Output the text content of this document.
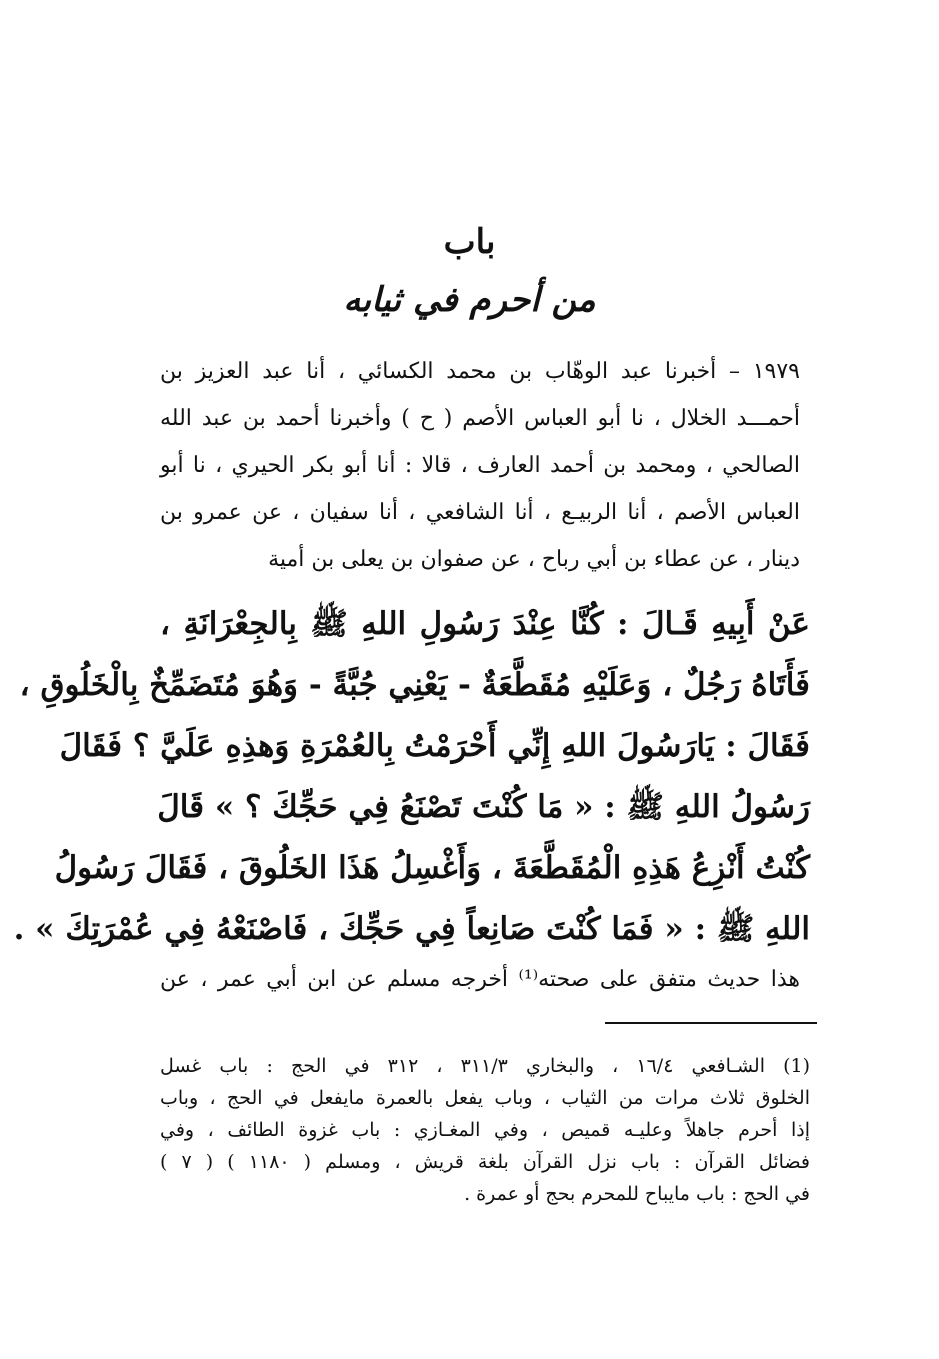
باب
من أحرم في ثيابه
١٩٧٩ – أخبرنا عبد الوهّاب بن محمد الكسائي ، أنا عبد العزيز بن
أحمـــد الخلال ، نا أبو العباس الأصم ( ح ) وأخبرنا أحمد بن عبد الله
الصالحي ، ومحمد بن أحمد العارف ، قالا : أنا أبو بكر الحيري ، نا أبو
العباس الأصم ، أنا الربيـع ، أنا الشافعي ، أنا سفيان ، عن عمرو بن
دينار ، عن عطاء بن أبي رباح ، عن صفوان بن يعلى بن أمية
عَنْ أَبِيهِ قَـالَ : كُنَّا عِنْدَ رَسُولِ اللهِ ﷺ بِالجِعْرَانَةِ ،
فَأَتَاهُ رَجُلٌ ، وَعَلَيْهِ مُقَطَّعَةٌ - يَعْنِي جُبَّةً - وَهُوَ مُتَضَمِّخٌ بِالْخَلُوقِ ،
فَقَالَ : يَارَسُولَ اللهِ إِنِّي أَحْرَمْتُ بِالعُمْرَةِ وَهذِهِ عَلَيَّ ؟ فَقَالَ
رَسُولُ اللهِ ﷺ : « مَا كُنْتَ تَصْنَعُ فِي حَجِّكَ ؟ » قَالَ
كُنْتُ أَنْزِعُ هَذِهِ الْمُقَطَّعَةَ ، وَأَغْسِلُ هَذَا الخَلُوقَ ، فَقَالَ رَسُولُ
اللهِ ﷺ : « فَمَا كُنْتَ صَانِعاً فِي حَجِّكَ ، فَاصْنَعْهُ فِي عُمْرَتِكَ » .
هذا حديث متفق على صحته⁽¹⁾ أخرجه مسلم عن ابن أبي عمر ، عن
(1) الشـافعي ١٦/٤ ، والبخاري ٣١١/٣ ، ٣١٢ في الحج : باب غسل
الخلوق ثلاث مرات من الثياب ، وباب يفعل بالعمرة مايفعل في الحج ، وباب
إذا أحرم جاهلاً وعليـه قميص ، وفي المغـازي : باب غزوة الطائف ، وفي
فضائل القرآن : باب نزل القرآن بلغة قريش ، ومسلم ( ١١٨٠ ) ( ٧ )
في الحج : باب مايباح للمحرم بحج أو عمرة .
